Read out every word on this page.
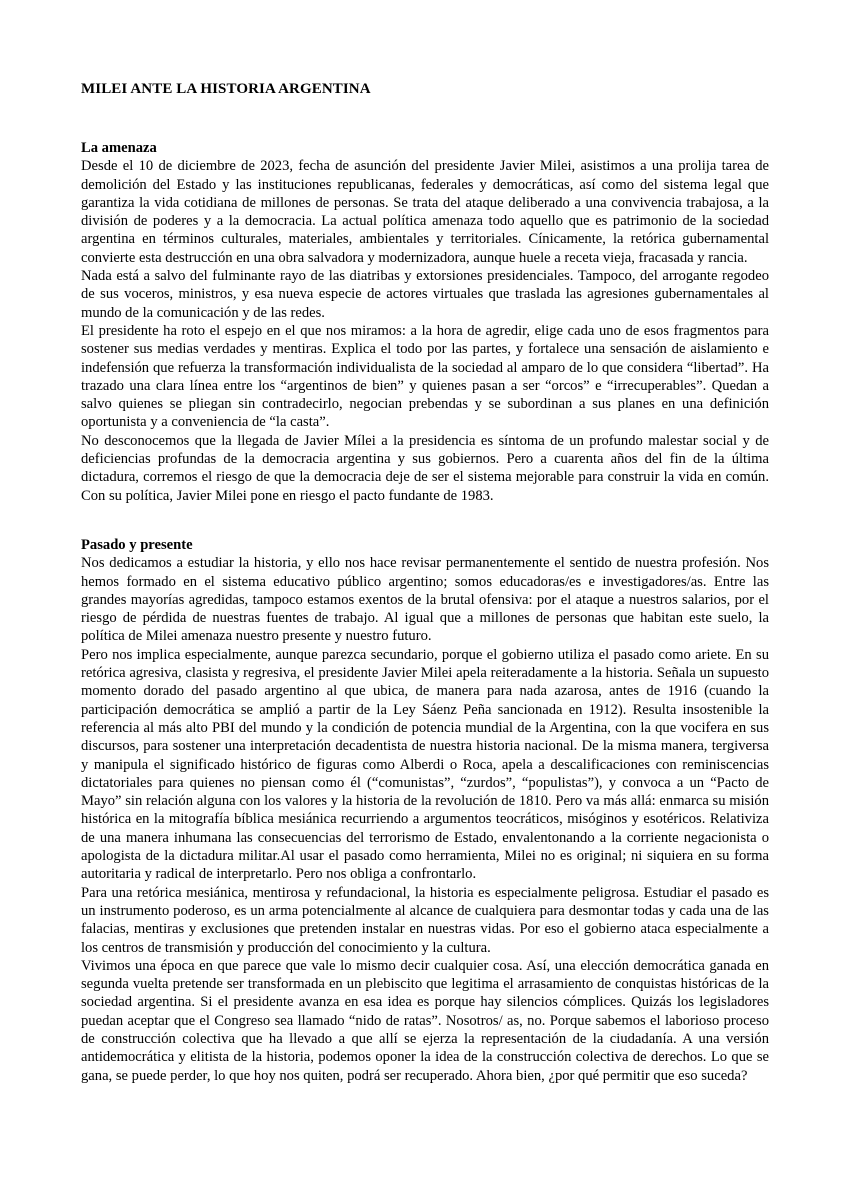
MILEI ANTE LA HISTORIA ARGENTINA
La amenaza

Desde el 10 de diciembre de 2023, fecha de asunción del presidente Javier Milei, asistimos a una prolija tarea de demolición del Estado y las instituciones republicanas, federales y democráticas, así como del sistema legal que garantiza la vida cotidiana de millones de personas. Se trata del ataque deliberado a una convivencia trabajosa, a la división de poderes y a la democracia. La actual política amenaza todo aquello que es patrimonio de la sociedad argentina en términos culturales, materiales, ambientales y territoriales. Cínicamente, la retórica gubernamental convierte esta destrucción en una obra salvadora y modernizadora, aunque huele a receta vieja, fracasada y rancia.

Nada está a salvo del fulminante rayo de las diatribas y extorsiones presidenciales. Tampoco, del arrogante regodeo de sus voceros, ministros, y esa nueva especie de actores virtuales que traslada las agresiones gubernamentales al mundo de la comunicación y de las redes.

El presidente ha roto el espejo en el que nos miramos: a la hora de agredir, elige cada uno de esos fragmentos para sostener sus medias verdades y mentiras. Explica el todo por las partes, y fortalece una sensación de aislamiento e indefensión que refuerza la transformación individualista de la sociedad al amparo de lo que considera “libertad”. Ha trazado una clara línea entre los “argentinos de bien” y quienes pasan a ser “orcos” e “irrecuperables”. Quedan a salvo quienes se pliegan sin contradecirlo, negocian prebendas y se subordinan a sus planes en una definición oportunista y a conveniencia de “la casta”.

No desconocemos que la llegada de Javier Mílei a la presidencia es síntoma de un profundo malestar social y de deficiencias profundas de la democracia argentina y sus gobiernos. Pero a cuarenta años del fin de la última dictadura, corremos el riesgo de que la democracia deje de ser el sistema mejorable para construir la vida en común. Con su política, Javier Milei pone en riesgo el pacto fundante de 1983.

Pasado y presente

Nos dedicamos a estudiar la historia, y ello nos hace revisar permanentemente el sentido de nuestra profesión. Nos hemos formado en el sistema educativo público argentino; somos educadoras/es e investigadores/as. Entre las grandes mayorías agredidas, tampoco estamos exentos de la brutal ofensiva: por el ataque a nuestros salarios, por el riesgo de pérdida de nuestras fuentes de trabajo. Al igual que a millones de personas que habitan este suelo, la política de Milei amenaza nuestro presente y nuestro futuro.

Pero nos implica especialmente, aunque parezca secundario, porque el gobierno utiliza el pasado como ariete. En su retórica agresiva, clasista y regresiva, el presidente Javier Milei apela reiteradamente a la historia. Señala un supuesto momento dorado del pasado argentino al que ubica, de manera para nada azarosa, antes de 1916 (cuando la participación democrática se amplió a partir de la Ley Sáenz Peña sancionada en 1912). Resulta insostenible la referencia al más alto PBI del mundo y la condición de potencia mundial de la Argentina, con la que vocifera en sus discursos, para sostener una interpretación decadentista de nuestra historia nacional. De la misma manera, tergiversa y manipula el significado histórico de figuras como Alberdi o Roca, apela a descalificaciones con reminiscencias dictatoriales para quienes no piensan como él (“comunistas”, “zurdos”, “populistas”), y convoca a un “Pacto de Mayo” sin relación alguna con los valores y la historia de la revolución de 1810. Pero va más allá: enmarca su misión histórica en la mitografía bíblica mesiánica recurriendo a argumentos teocráticos, misóginos y esotéricos. Relativiza de una manera inhumana las consecuencias del terrorismo de Estado, envalentonando a la corriente negacionista o apologista de la dictadura militar.Al usar el pasado como herramienta, Milei no es original; ni siquiera en su forma autoritaria y radical de interpretarlo. Pero nos obliga a confrontarlo.

Para una retórica mesiánica, mentirosa y refundacional, la historia es especialmente peligrosa. Estudiar el pasado es un instrumento poderoso, es un arma potencialmente al alcance de cualquiera para desmontar todas y cada una de las falacias, mentiras y exclusiones que pretenden instalar en nuestras vidas. Por eso el gobierno ataca especialmente a los centros de transmisión y producción del conocimiento y la cultura.

Vivimos una época en que parece que vale lo mismo decir cualquier cosa. Así, una elección democrática ganada en segunda vuelta pretende ser transformada en un plebiscito que legitima el arrasamiento de conquistas históricas de la sociedad argentina. Si el presidente avanza en esa idea es porque hay silencios cómplices. Quizás los legisladores puedan aceptar que el Congreso sea llamado “nido de ratas”. Nosotros/ as, no. Porque sabemos el laborioso proceso de construcción colectiva que ha llevado a que allí se ejerza la representación de la ciudadanía. A una versión antidemocrática y elitista de la historia, podemos oponer la idea de la construcción colectiva de derechos. Lo que se gana, se puede perder, lo que hoy nos quiten, podrá ser recuperado. Ahora bien, ¿por qué permitir que eso suceda?
